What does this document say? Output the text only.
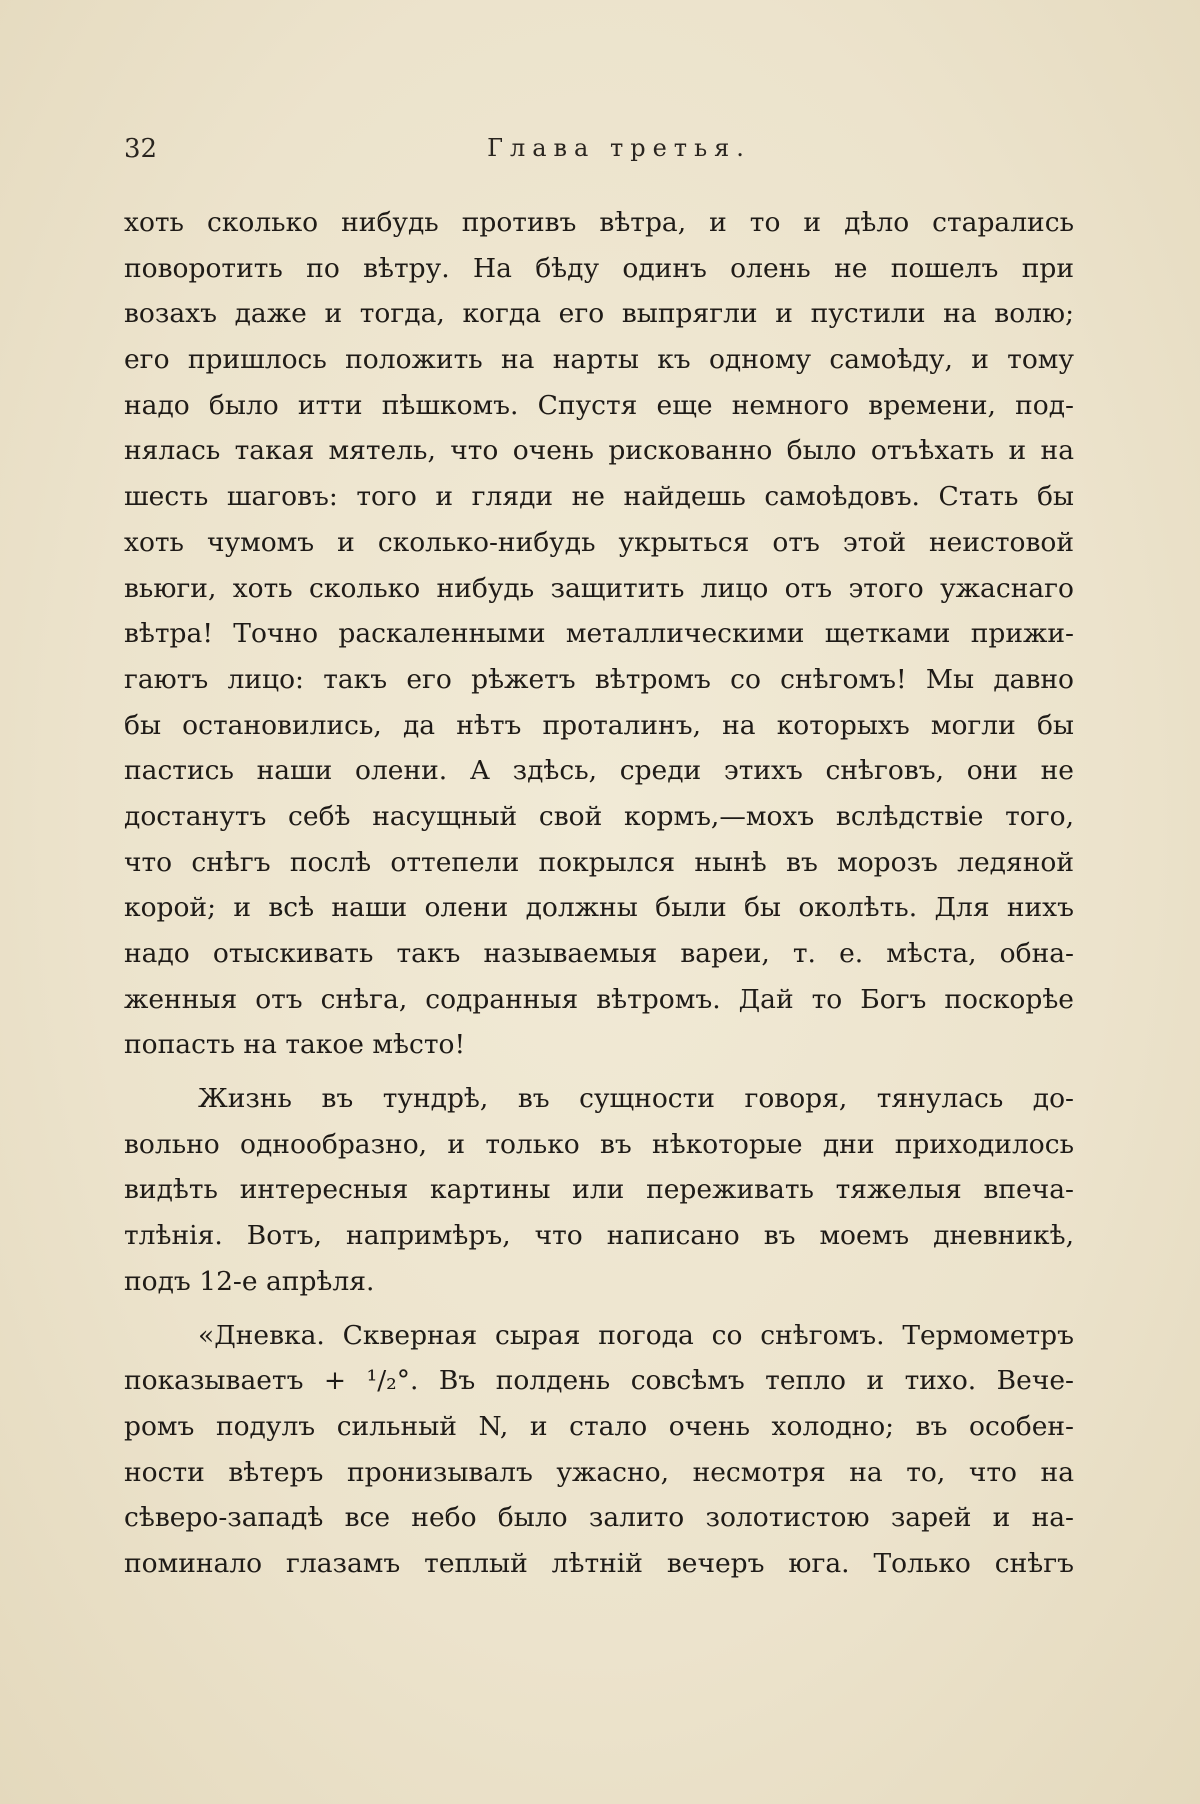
32	Глава третья.
хоть сколько нибудь противъ вѣтра, и то и дѣло старались
поворотить по вѣтру. На бѣду одинъ олень не пошелъ при
возахъ даже и тогда, когда его выпрягли и пустили на волю;
его пришлось положить на нарты къ одному самоѣду, и тому
надо было итти пѣшкомъ. Спустя еще немного времени, под-
нялась такая мятель, что очень рискованно было отъѣхать и на
шесть шаговъ: того и гляди не найдешь самоѣдовъ. Стать бы
хоть чумомъ и сколько-нибудь укрыться отъ этой неистовой
вьюги, хоть сколько нибудь защитить лицо отъ этого ужаснаго
вѣтра! Точно раскаленными металлическими щетками прижи-
гаютъ лицо: такъ его рѣжетъ вѣтромъ со снѣгомъ! Мы давно
бы остановились, да нѣтъ проталинъ, на которыхъ могли бы
пастись наши олени. А здѣсь, среди этихъ снѣговъ, они не
достанутъ себѣ насущный свой кормъ,—мохъ вслѣдствіе того,
что снѣгъ послѣ оттепели покрылся нынѣ въ морозъ ледяной
корой; и всѣ наши олени должны были бы околѣть. Для нихъ
надо отыскивать такъ называемыя вареи, т. е. мѣста, обна-
женныя отъ снѣга, содранныя вѣтромъ. Дай то Богъ поскорѣе
попасть на такое мѣсто!
Жизнь въ тундрѣ, въ сущности говоря, тянулась до-
вольно однообразно, и только въ нѣкоторые дни приходилось
видѣть интересныя картины или переживать тяжелыя впеча-
тлѣнія. Вотъ, напримѣръ, что написано въ моемъ дневникѣ,
подъ 12-е апрѣля.
«Дневка. Скверная сырая погода со снѣгомъ. Термометръ
показываетъ + ¹/₂°. Въ полдень совсѣмъ тепло и тихо. Вече-
ромъ подулъ сильный N, и стало очень холодно; въ особен-
ности вѣтеръ пронизывалъ ужасно, несмотря на то, что на
сѣверо-западѣ все небо было залито золотистою зарей и на-
поминало глазамъ теплый лѣтній вечеръ юга. Только снѣгъ
